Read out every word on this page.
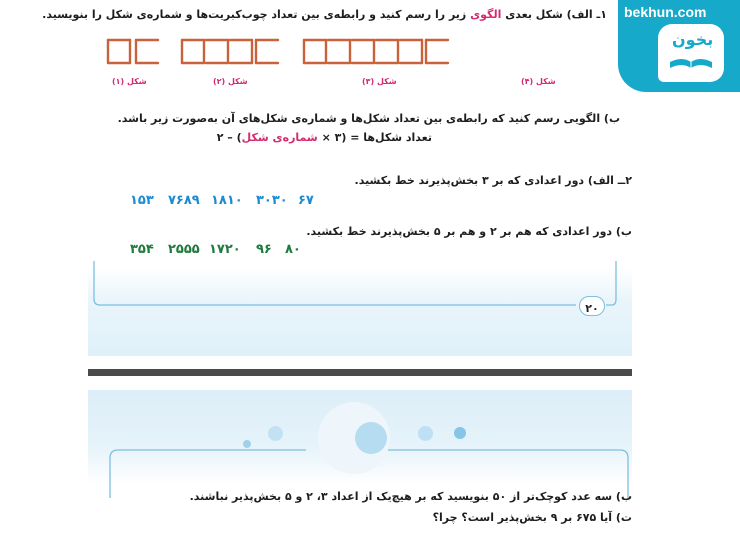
۱ـ الف) شکل بعدی الگوی زیر را رسم کنید و رابطه‌ی بین تعداد چوب‌کبریت‌ها و شماره‌ی شکل را بنویسید.
شکل (۱)	شکل (۲)	شکل (۳)	شکل (۴)
ب) الگویی رسم کنید که رابطه‌ی بین تعداد شکل‌ها و شماره‌ی شکل‌های آن به‌صورت زیر باشد.
تعداد شکل‌ها = (۳ × شماره‌ی شکل) – ۲
۲ــ الف) دور اعدادی که بر ۳ بخش‌پذیرند خط بکشید.
۶۷
۳۰۳۰
۱۸۱۰
۷۶۸۹
۱۵۳
ب) دور اعدادی که هم بر ۲ و هم بر ۵ بخش‌پذیرند خط بکشید.
۸۰
۹۶
۱۷۲۰
۲۵۵۵
۳۵۴
۲۰
ب) سه عدد کوچک‌تر از ۵۰ بنویسید که بر هیچ‌یک از اعداد ۳، ۲ و ۵ بخش‌پذیر نباشند.
ت) آیا ۶۷۵ بر ۹ بخش‌پذیر است؟ چرا؟
bekhun.com
بخون
